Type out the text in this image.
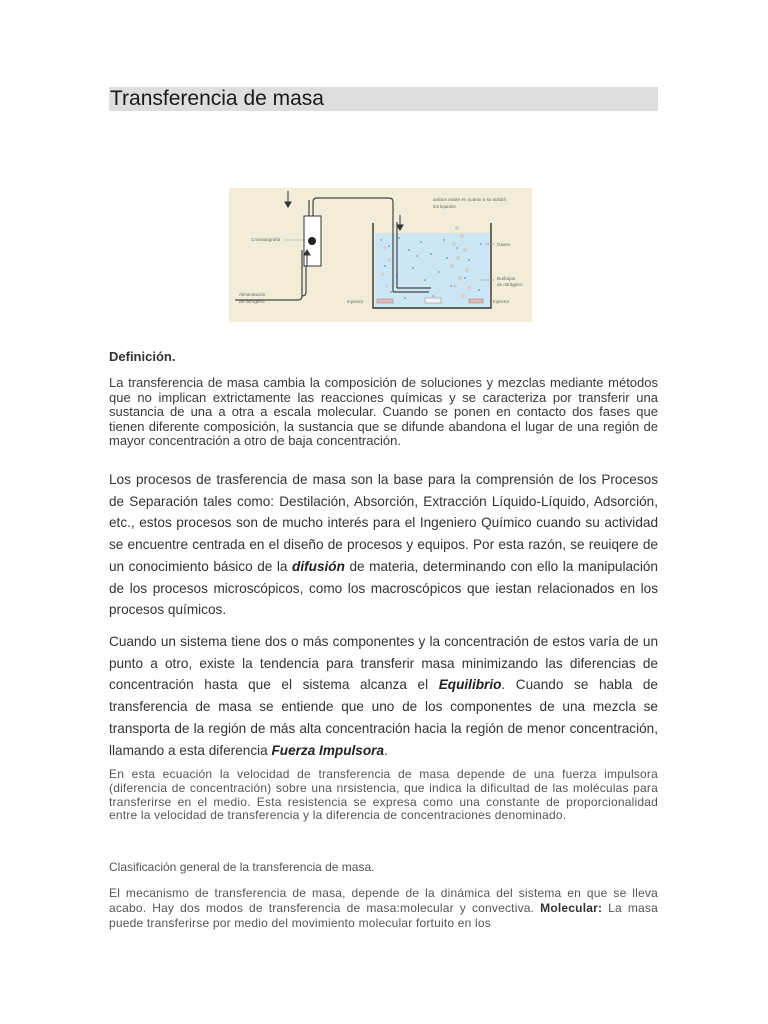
Transferencia de masa
ambos existe en cuanto a su solubil
los liquidos
Cromatografía
Alimentación
de nitrógeno
Gases
Burbujas
de nitrógeno
Inyector	Inyector
Definición.

La transferencia de masa cambia la composición de soluciones y mezclas mediante métodos que no implican extrictamente las reacciones químicas y se caracteriza por transferir una sustancia de una a otra a escala molecular. Cuando se ponen en contacto dos fases que tienen diferente composición, la sustancia que se difunde abandona el lugar de una región de mayor concentración a otro de baja concentración.

Los procesos de trasferencia de masa son la base para la comprensión de los Procesos de Separación tales como: Destilación, Absorción, Extracción Líquido-Líquido, Adsorción, etc., estos procesos son de mucho interés para el Ingeniero Químico cuando su actividad se encuentre centrada en el diseño de procesos y equipos. Por esta razón, se reuiqere de un conocimiento básico de la difusión de materia, determinando con ello la manipulación de los procesos microscópicos, como los macroscópicos que iestan relacionados en los procesos químicos.

Cuando un sistema tiene dos o más componentes y la concentración de estos varía de un punto a otro, existe la tendencia para transferir masa minimizando las diferencias de concentración hasta que el sistema alcanza el Equilibrio. Cuando se habla de transferencia de masa se entiende que uno de los componentes de una mezcla se transporta de la región de más alta concentración hacia la región de menor concentración, llamando a esta diferencia Fuerza Impulsora.

En esta ecuación la velocidad de transferencia de masa depende de una fuerza impulsora (diferencia de concentración) sobre una nrsistencia, que indica la dificultad de las moléculas para transferirse en el medio. Esta resistencia se expresa como una constante de proporcionalidad entre la velocidad de transferencia y la diferencia de concentraciones denominado.

Clasificación general de la transferencia de masa.

El mecanismo de transferencia de masa, depende de la dinámica del sistema en que se lleva acabo. Hay dos modos de transferencia de masa:molecular y convectiva. Molecular: La masa puede transferirse por medio del movimiento molecular fortuito en los
